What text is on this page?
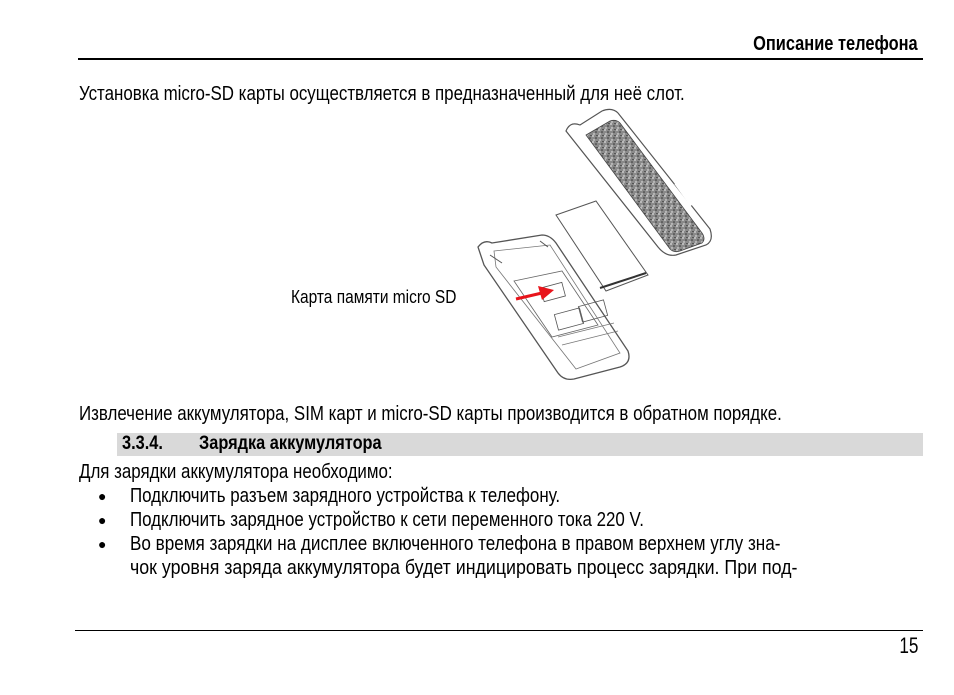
Описание телефона
Установка micro-SD карты осуществляется в предназначенный для неё слот.
Карта памяти micro SD
Извлечение аккумулятора, SIM карт и micro-SD карты производится в обратном порядке.
3.3.4. Зарядка аккумулятора
Для зарядки аккумулятора необходимо:
● Подключить разъем зарядного устройства к телефону.
● Подключить зарядное устройство к сети переменного тока 220 V.
● Во время зарядки на дисплее включенного телефона в правом верхнем углу зна-
чок уровня заряда аккумулятора будет индицировать процесс зарядки. При под-
15
